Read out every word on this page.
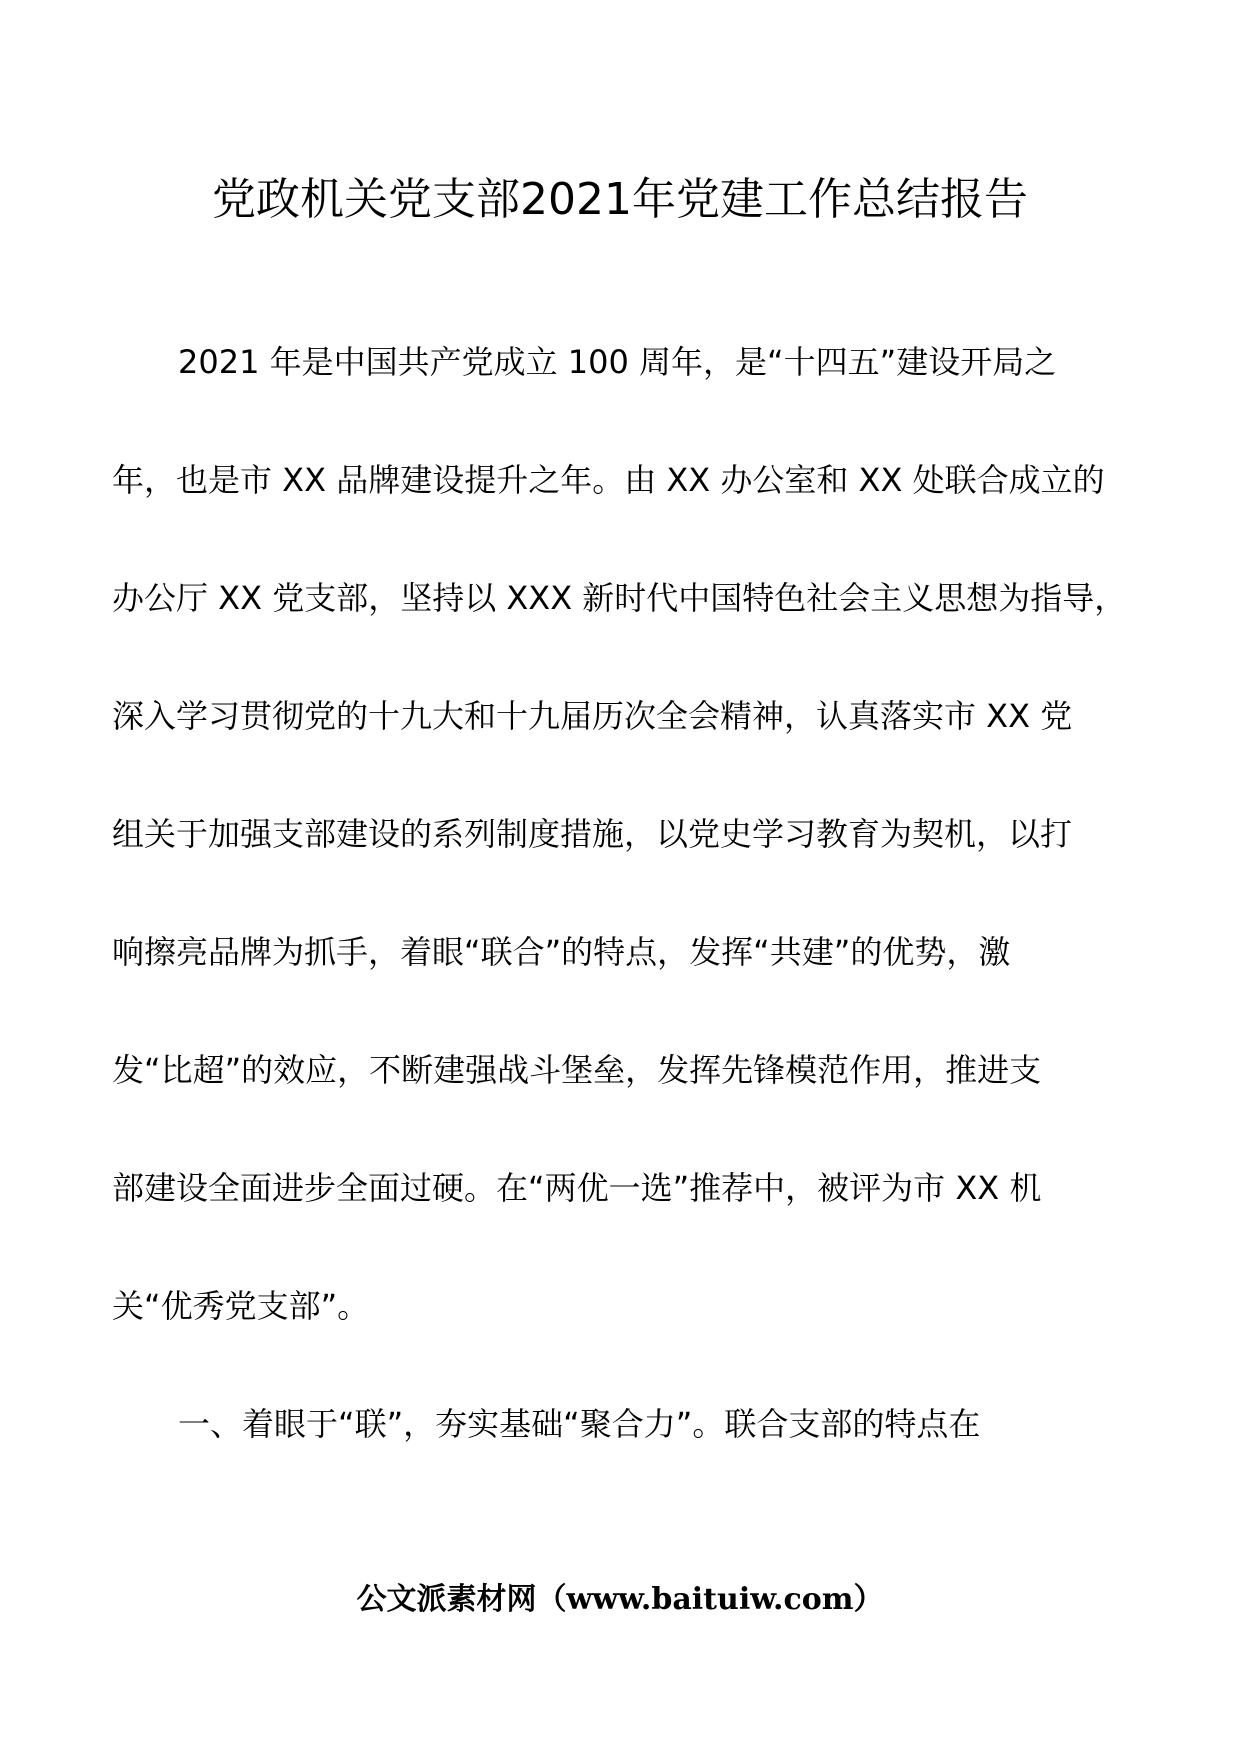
党政机关党支部2021年党建工作总结报告
2021 年是中国共产党成立 100 周年，是“十四五”建设开局之
年，也是市 XX 品牌建设提升之年。由 XX 办公室和 XX 处联合成立的
办公厅 XX 党支部，坚持以 XXX 新时代中国特色社会主义思想为指导，
深入学习贯彻党的十九大和十九届历次全会精神，认真落实市 XX 党
组关于加强支部建设的系列制度措施，以党史学习教育为契机，以打
响擦亮品牌为抓手，着眼“联合”的特点，发挥“共建”的优势，激
发“比超”的效应，不断建强战斗堡垒，发挥先锋模范作用，推进支
部建设全面进步全面过硬。在“两优一选”推荐中，被评为市 XX 机
关“优秀党支部”。
一、着眼于“联”，夯实基础“聚合力”。联合支部的特点在
公文派素材网（www.baituiw.com）
